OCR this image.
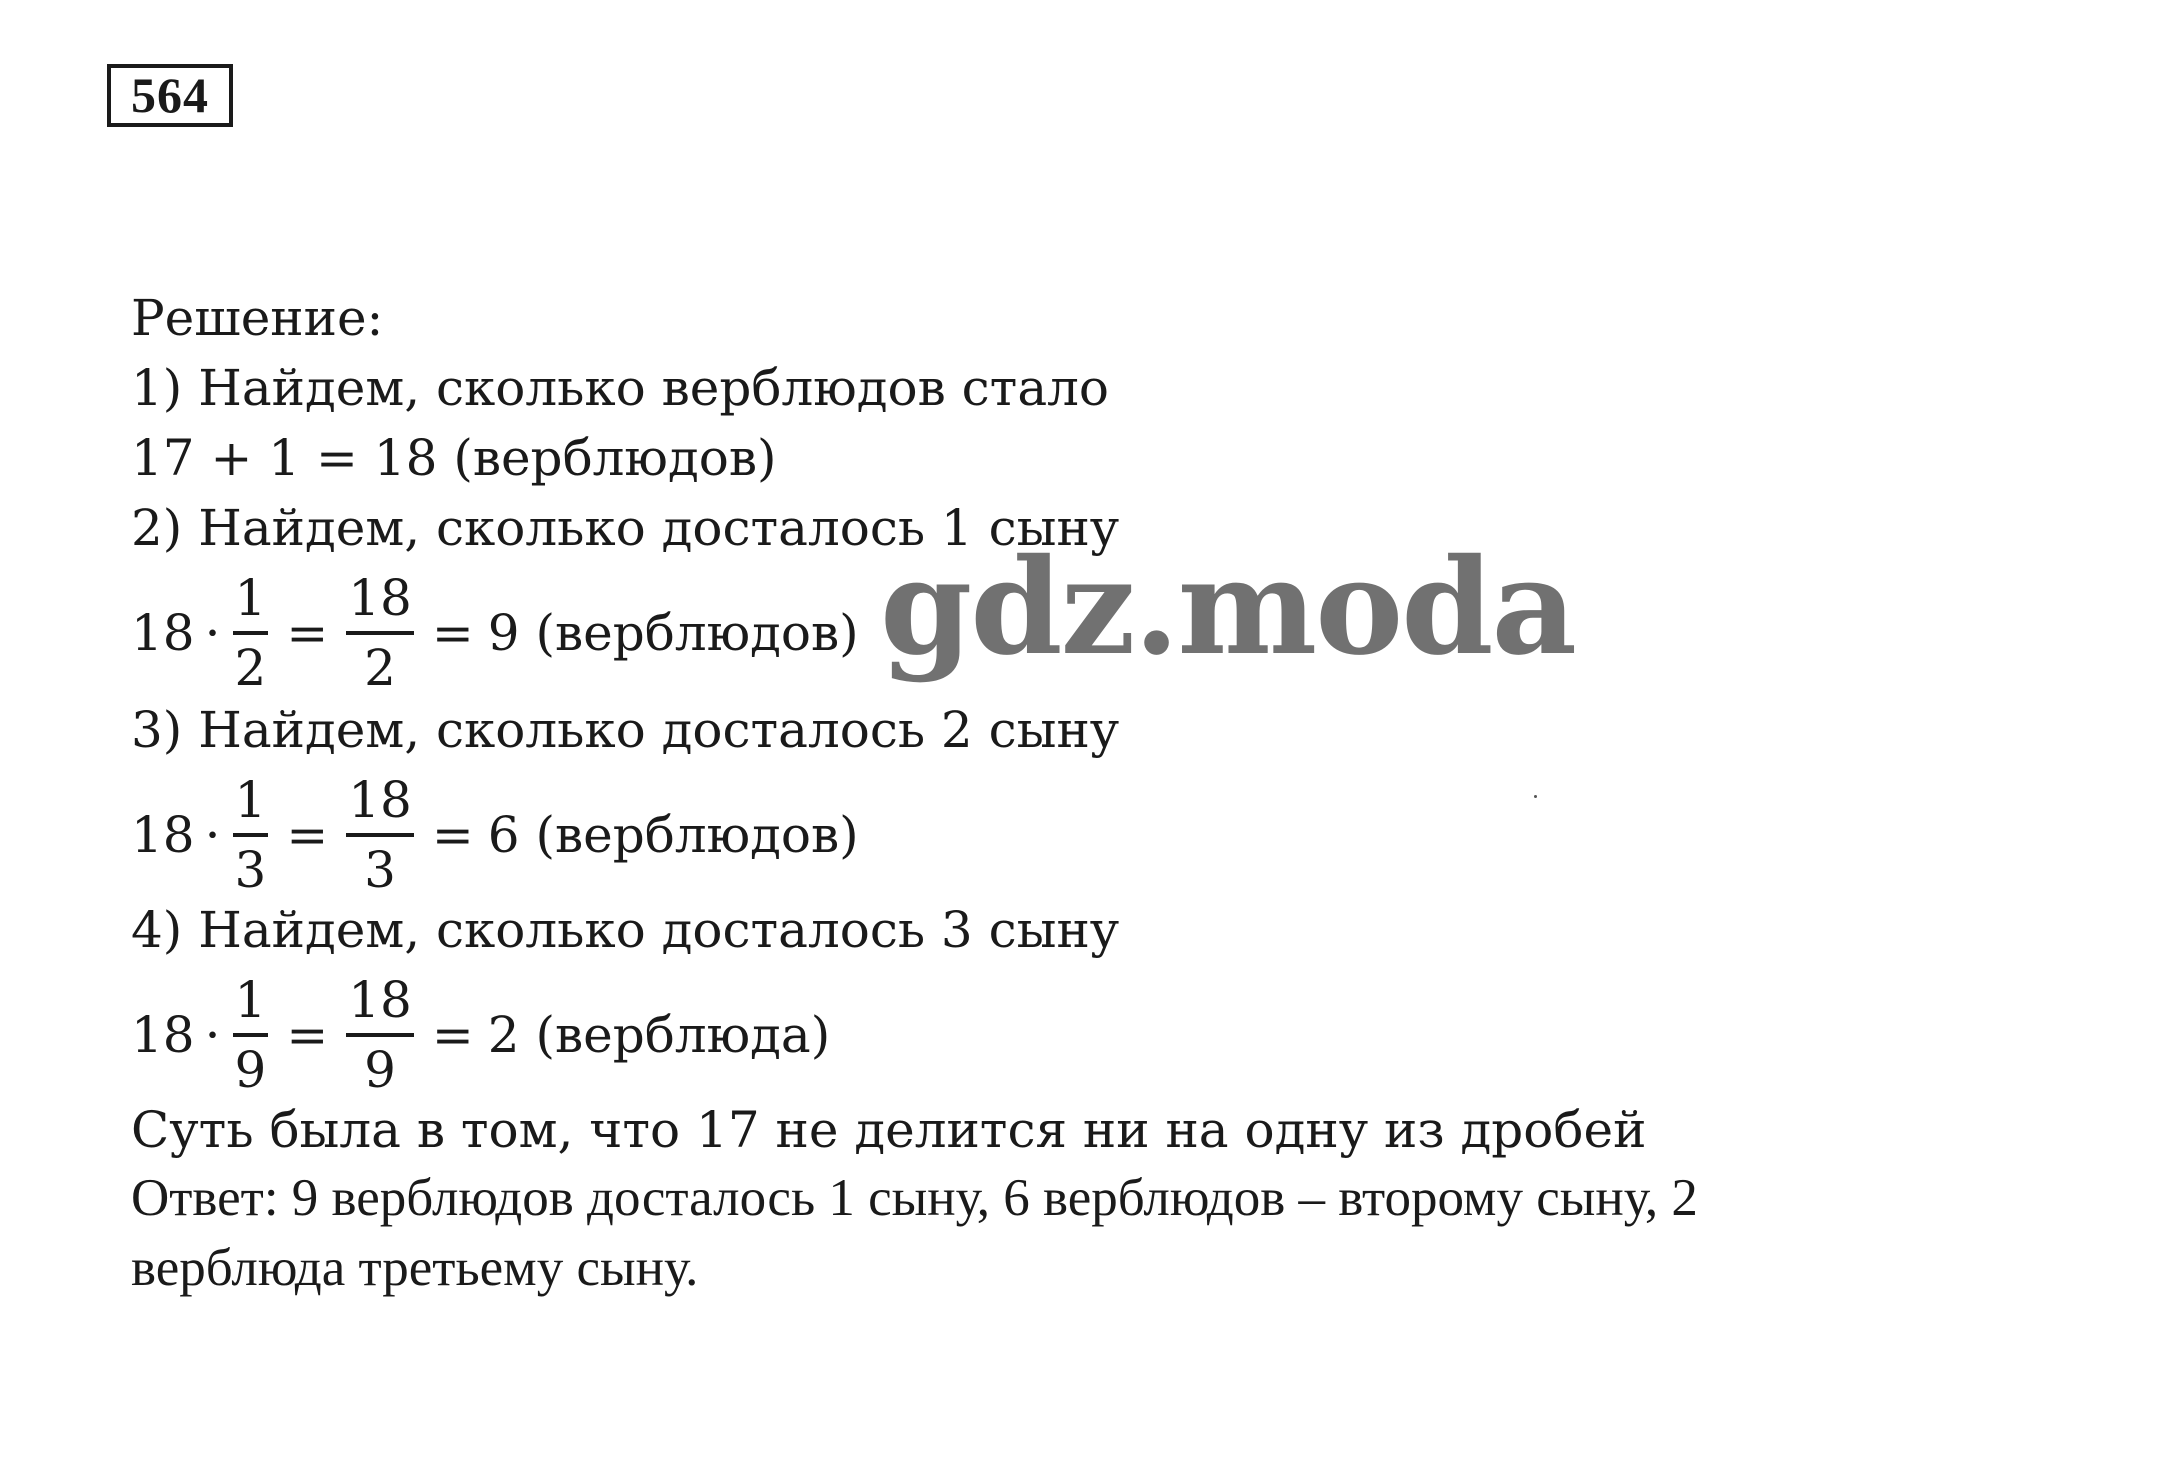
564
Решение:
1) Найдем, сколько верблюдов стало
17 + 1 = 18 (верблюдов)
2) Найдем, сколько досталось 1 сыну
$18 \cdot \frac{1}{2} = \frac{18}{2} = 9$ (верблюдов)
3) Найдем, сколько досталось 2 сыну
$18 \cdot \frac{1}{3} = \frac{18}{3} = 6$ (верблюдов)
4) Найдем, сколько досталось 3 сыну
$18 \cdot \frac{1}{9} = \frac{18}{9} = 2$ (верблюда)
Суть была в том, что 17 не делится ни на одну из дробей
Ответ: 9 верблюдов досталось 1 сыну, 6 верблюдов – второму сыну, 2
верблюда третьему сыну.
gdz.moda
